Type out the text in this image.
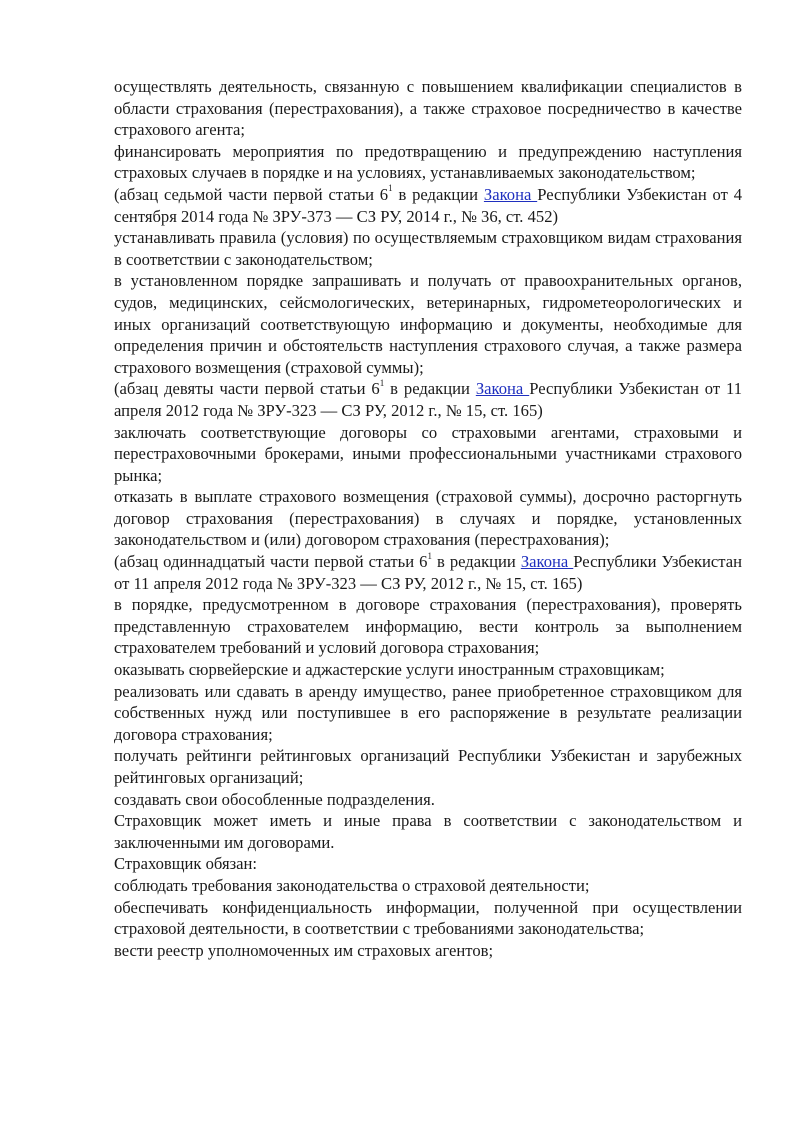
осуществлять деятельность, связанную с повышением квалификации специалистов в области страхования (перестрахования), а также страховое посредничество в качестве страхового агента;

финансировать мероприятия по предотвращению и предупреждению наступления страховых случаев в порядке и на условиях, устанавливаемых законодательством;

(абзац седьмой части первой статьи $6^1$ в редакции Закона Республики Узбекистан от 4 сентября 2014 года № ЗРУ-373 — СЗ РУ, 2014 г., № 36, ст. 452)

устанавливать правила (условия) по осуществляемым страховщиком видам страхования в соответствии с законодательством;

в установленном порядке запрашивать и получать от правоохранительных органов, судов, медицинских, сейсмологических, ветеринарных, гидрометеорологических и иных организаций соответствующую информацию и документы, необходимые для определения причин и обстоятельств наступления страхового случая, а также размера страхового возмещения (страховой суммы);

(абзац девяты части первой статьи $6^1$ в редакции Закона Республики Узбекистан от 11 апреля 2012 года № ЗРУ-323 — СЗ РУ, 2012 г., № 15, ст. 165)

заключать соответствующие договоры со страховыми агентами, страховыми и перестраховочными брокерами, иными профессиональными участниками страхового рынка;

отказать в выплате страхового возмещения (страховой суммы), досрочно расторгнуть договор страхования (перестрахования) в случаях и порядке, установленных законодательством и (или) договором страхования (перестрахования);

(абзац одиннадцатый части первой статьи $6^1$ в редакции Закона Республики Узбекистан от 11 апреля 2012 года № ЗРУ-323 — СЗ РУ, 2012 г., № 15, ст. 165)

в порядке, предусмотренном в договоре страхования (перестрахования), проверять представленную страхователем информацию, вести контроль за выполнением страхователем требований и условий договора страхования;

оказывать сюрвейерские и аджастерские услуги иностранным страховщикам;

реализовать или сдавать в аренду имущество, ранее приобретенное страховщиком для собственных нужд или поступившее в его распоряжение в результате реализации договора страхования;

получать рейтинги рейтинговых организаций Республики Узбекистан и зарубежных рейтинговых организаций;

создавать свои обособленные подразделения.

Страховщик может иметь и иные права в соответствии с законодательством и заключенными им договорами.

Страховщик обязан:

соблюдать требования законодательства о страховой деятельности;

обеспечивать конфиденциальность информации, полученной при осуществлении страховой деятельности, в соответствии с требованиями законодательства;

вести реестр уполномоченных им страховых агентов;
